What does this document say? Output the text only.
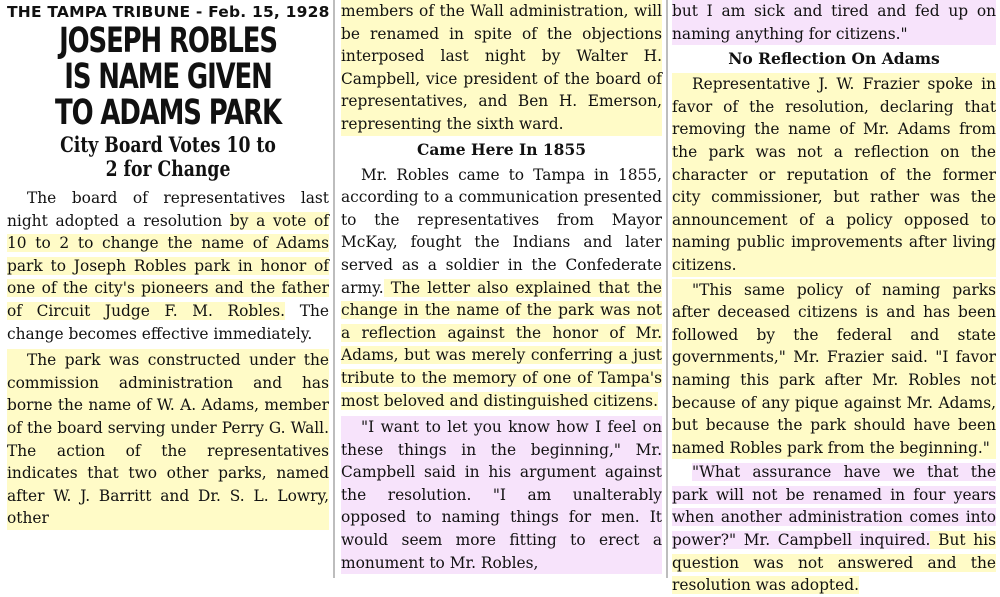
THE TAMPA TRIBUNE - Feb. 15, 1928
JOSEPH ROBLES
IS NAME GIVEN
TO ADAMS PARK
City Board Votes 10 to
2 for Change

The board of representatives last night adopted a resolution by a vote of 10 to 2 to change the name of Adams park to Joseph Robles park in honor of one of the city's pioneers and the father of Circuit Judge F. M. Robles. The change becomes effective immediately.

The park was constructed under the commission administration and has borne the name of W. A. Adams, member of the board serving under Perry G. Wall. The action of the representatives indicates that two other parks, named after W. J. Barritt and Dr. S. L. Lowry, other

members of the Wall administration, will be renamed in spite of the objections interposed last night by Walter H. Campbell, vice president of the board of representatives, and Ben H. Emerson, representing the sixth ward.

Came Here In 1855

Mr. Robles came to Tampa in 1855, according to a communication presented to the representatives from Mayor McKay, fought the Indians and later served as a soldier in the Confederate army. The letter also explained that the change in the name of the park was not a reflection against the honor of Mr. Adams, but was merely conferring a just tribute to the memory of one of Tampa's most beloved and distinguished citizens.

"I want to let you know how I feel on these things in the beginning," Mr. Campbell said in his argument against the resolution. "I am unalterably opposed to naming things for men. It would seem more fitting to erect a monument to Mr. Robles,

but I am sick and tired and fed up on naming anything for citizens."

No Reflection On Adams

Representative J. W. Frazier spoke in favor of the resolution, declaring that removing the name of Mr. Adams from the park was not a reflection on the character or reputation of the former city commissioner, but rather was the announcement of a policy opposed to naming public improvements after living citizens.

"This same policy of naming parks after deceased citizens is and has been followed by the federal and state governments," Mr. Frazier said. "I favor naming this park after Mr. Robles not because of any pique against Mr. Adams, but because the park should have been named Robles park from the beginning."

"What assurance have we that the park will not be renamed in four years when another administration comes into power?" Mr. Campbell inquired. But his question was not answered and the resolution was adopted.
